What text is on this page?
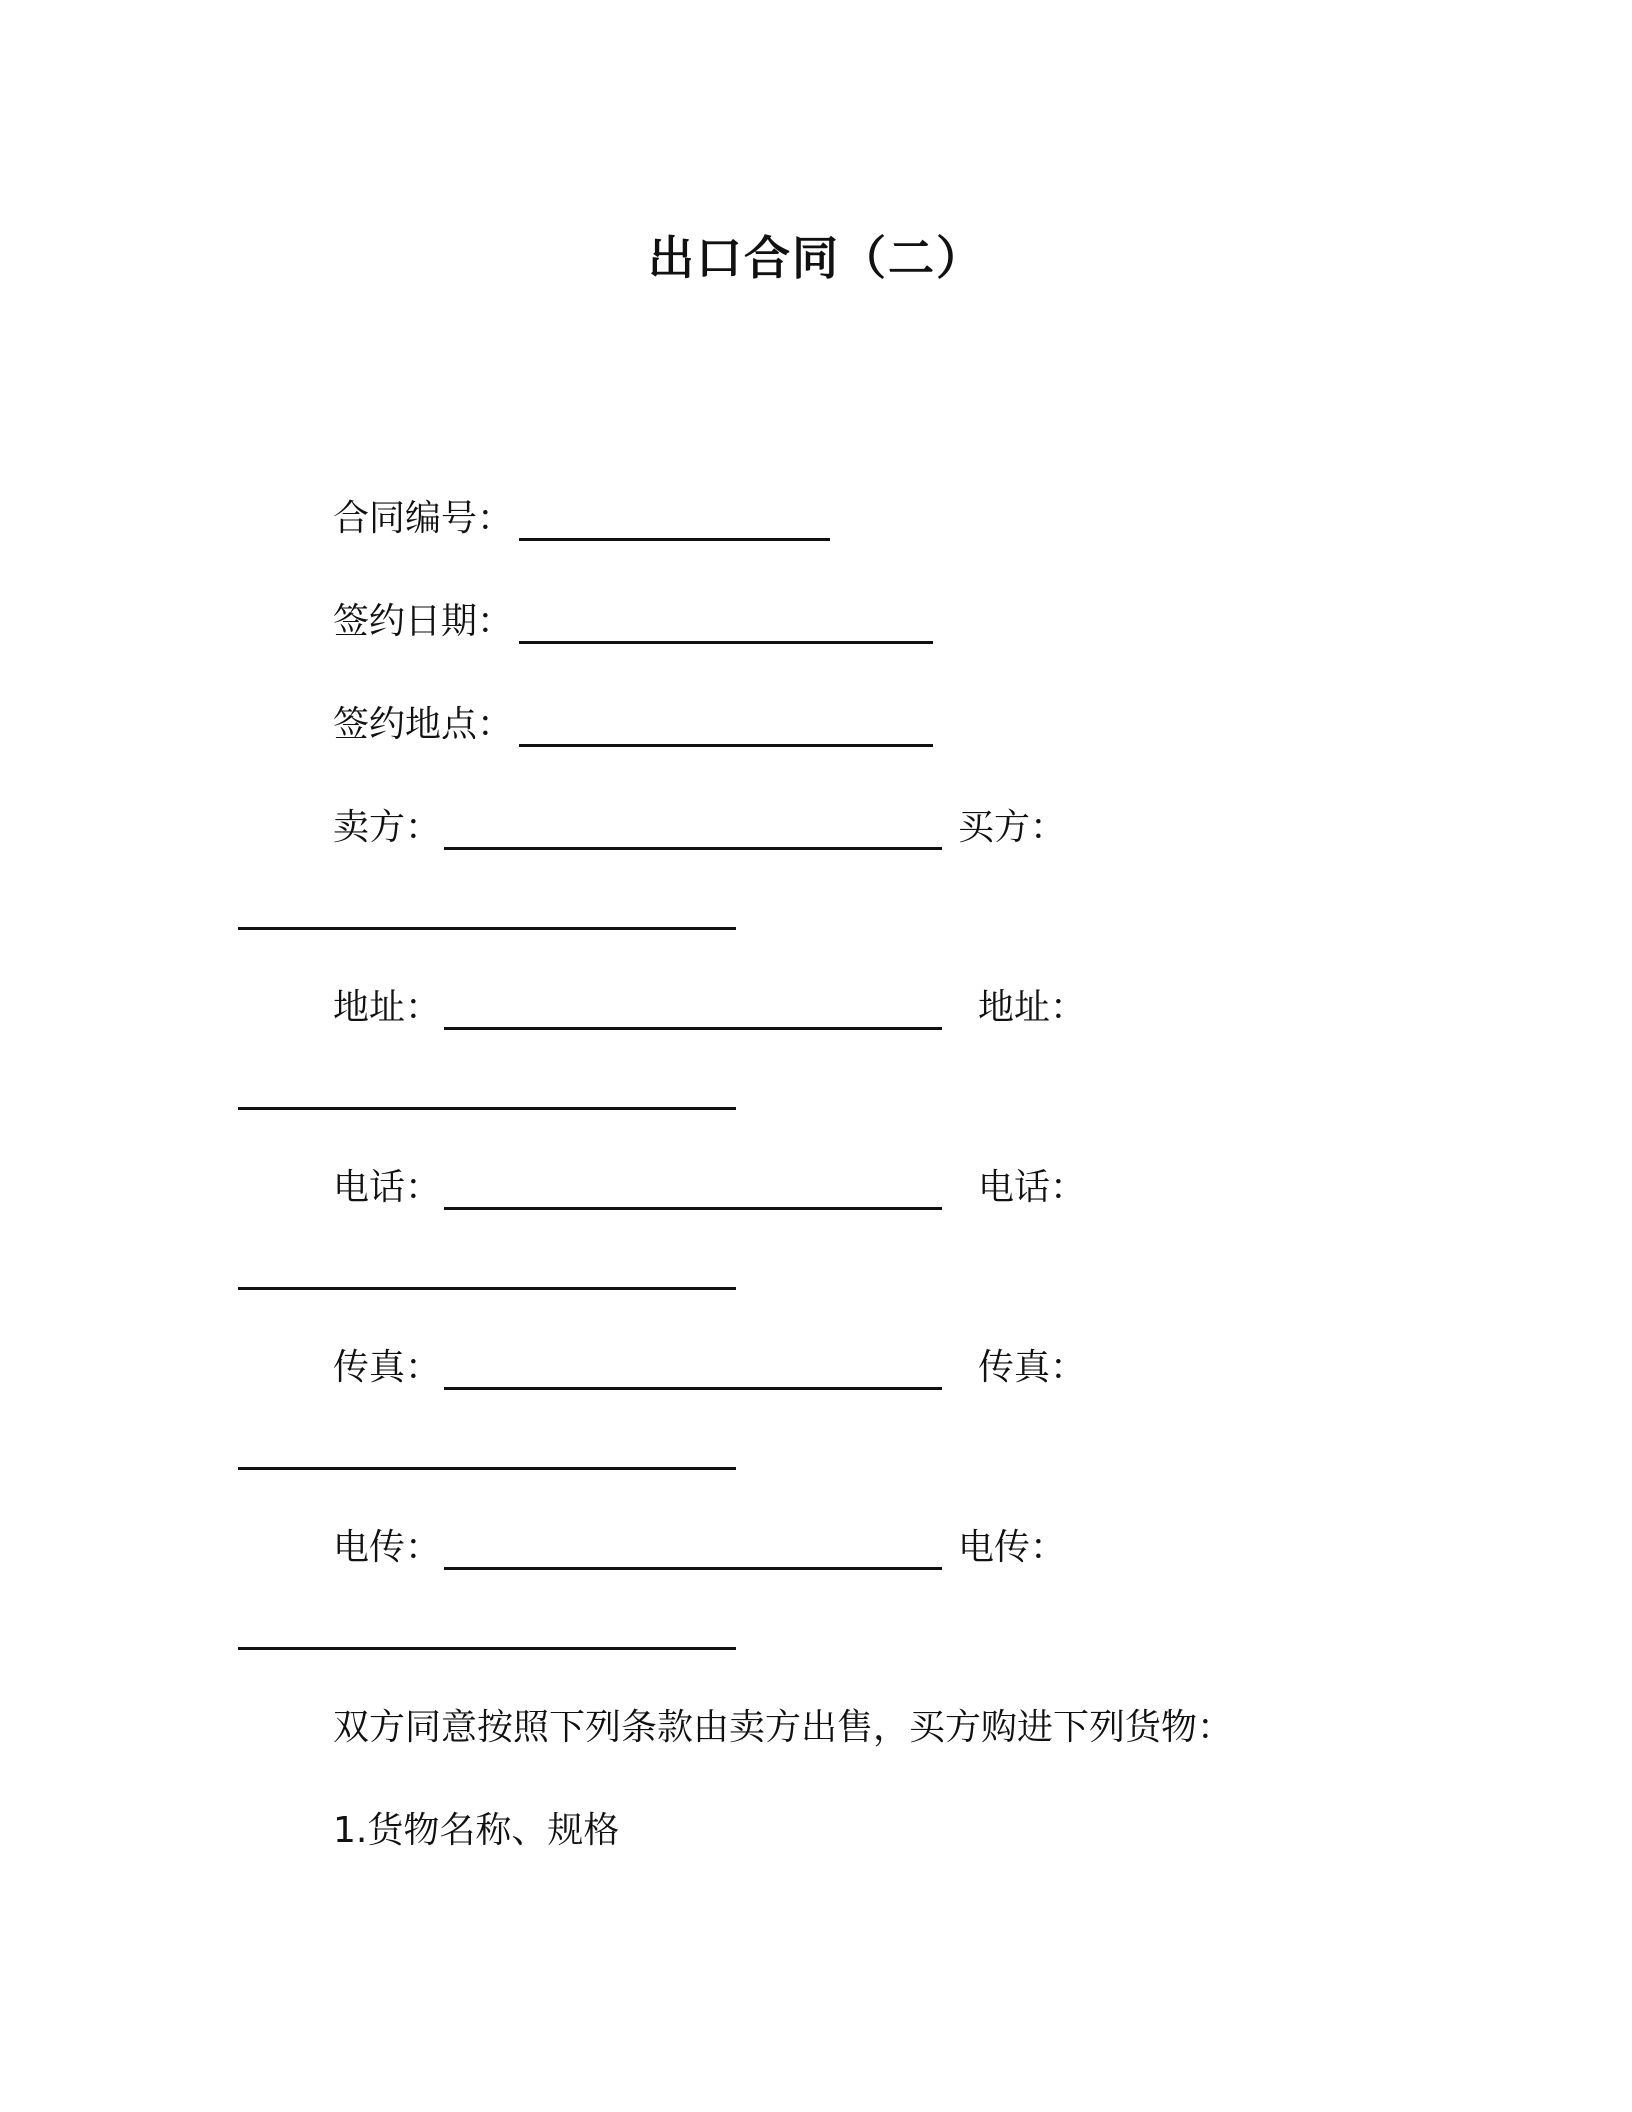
出口合同（二）
合同编号：
签约日期：
签约地点：
卖方：	买方：
地址：	地址：
电话：	电话：
传真：	传真：
电传：	电传：
双方同意按照下列条款由卖方出售，买方购进下列货物：
1.货物名称、规格
